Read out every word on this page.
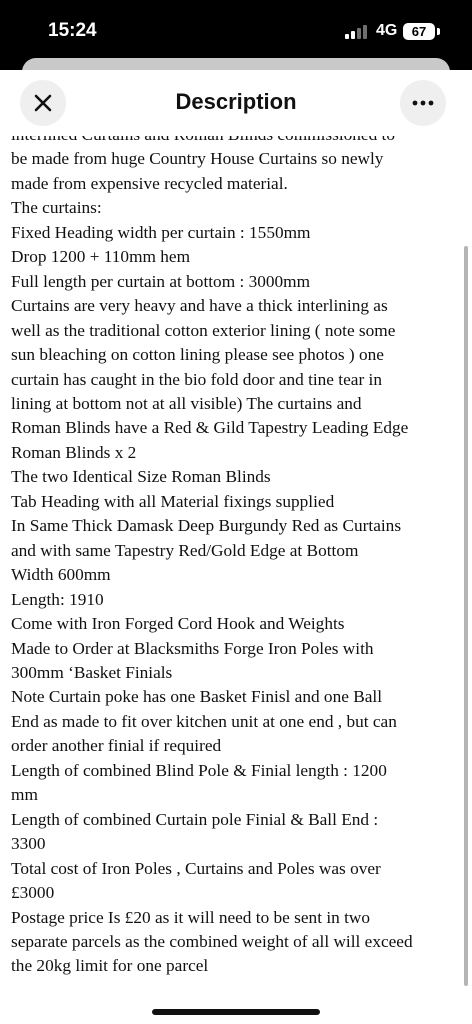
15:24	4G	67
Description

be made from huge Country House Curtains so newly
made from expensive recycled material.
The curtains:
Fixed Heading width per curtain : 1550mm
Drop 1200 + 110mm hem
Full length per curtain at bottom : 3000mm
Curtains are very heavy and have a thick interlining as
well as the traditional cotton exterior lining ( note some
sun bleaching on cotton lining please see photos ) one
curtain has caught in the bio fold door and tine tear in
lining at bottom not at all visible) The curtains and
Roman Blinds have a Red & Gild Tapestry Leading Edge
Roman Blinds x 2
The two Identical Size Roman Blinds
Tab Heading with all Material fixings supplied
In Same Thick Damask Deep Burgundy Red as Curtains
and with same Tapestry Red/Gold Edge at Bottom
Width 600mm
Length: 1910
Come with Iron Forged Cord Hook and Weights
Made to Order at Blacksmiths Forge Iron Poles with
300mm ‘Basket Finials
Note Curtain poke has one Basket Finisl and one Ball
End as made to fit over kitchen unit at one end , but can
order another finial if required
Length of combined Blind Pole & Finial length : 1200
mm
Length of combined Curtain pole Finial & Ball End :
3300
Total cost of Iron Poles , Curtains and Poles was over
£3000
Postage price Is £20 as it will need to be sent in two
separate parcels as the combined weight of all will exceed
the 20kg limit for one parcel
